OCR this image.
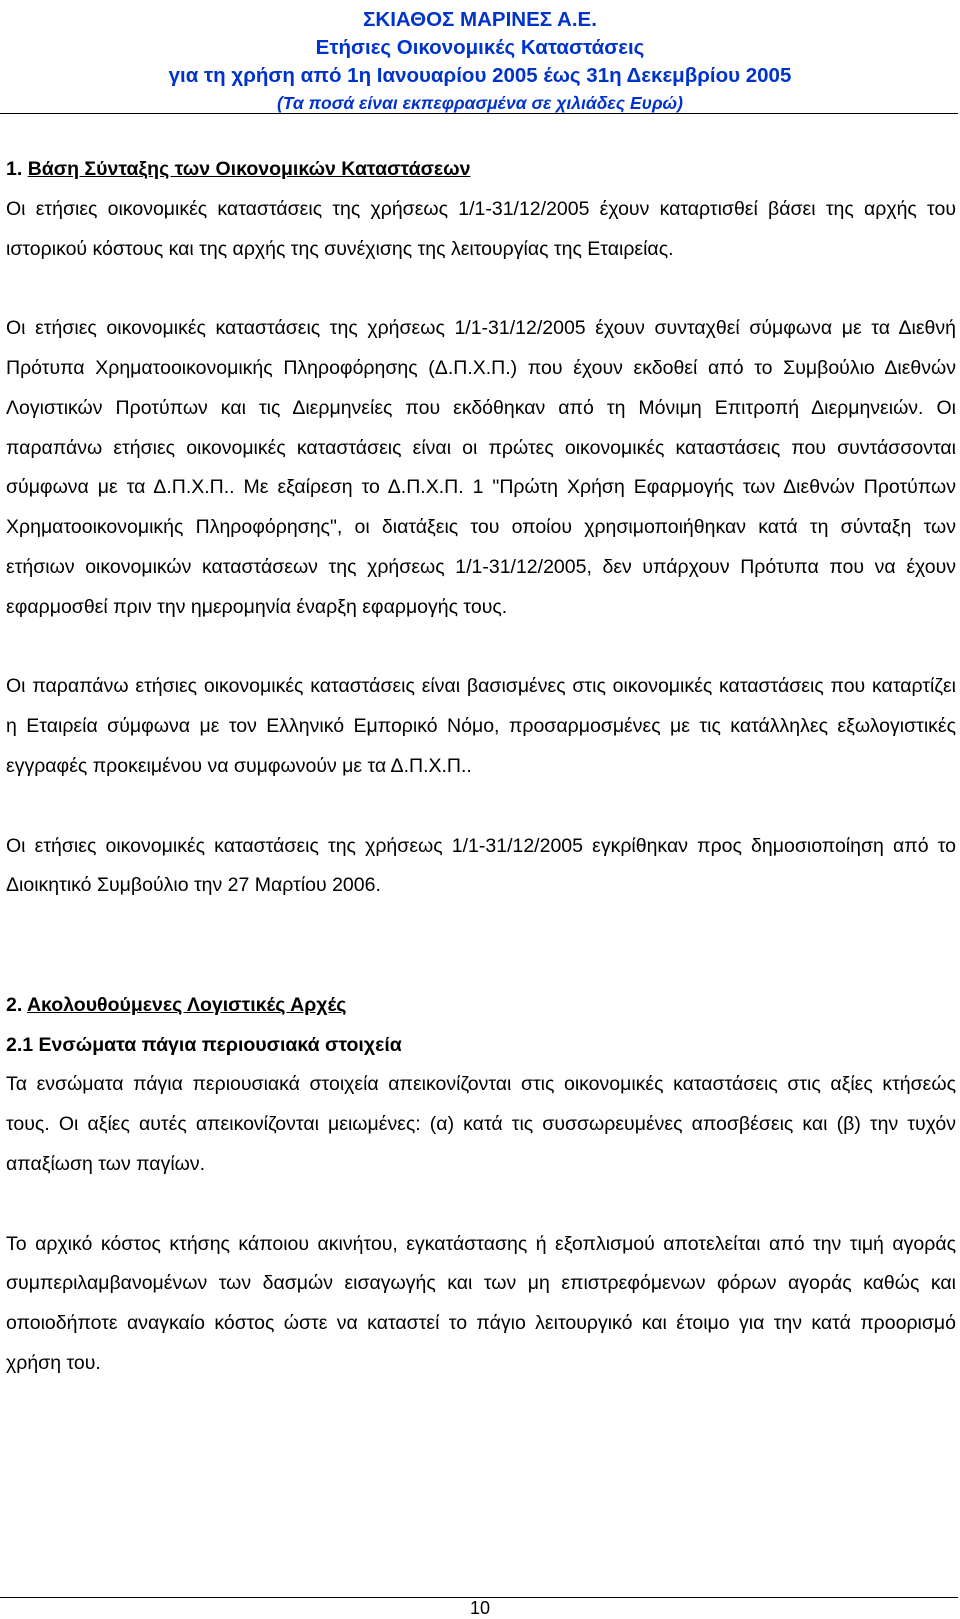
ΣΚΙΑΘΟΣ ΜΑΡΙΝΕΣ Α.Ε.
Ετήσιες Οικονομικές Καταστάσεις
για τη χρήση από 1η Ιανουαρίου 2005 έως 31η Δεκεμβρίου 2005
(Τα ποσά είναι εκπεφρασμένα σε χιλιάδες Ευρώ)

1. Βάση Σύνταξης των Οικονομικών Καταστάσεων

Οι ετήσιες οικονομικές καταστάσεις της χρήσεως 1/1-31/12/2005 έχουν καταρτισθεί βάσει της αρχής του ιστορικού κόστους και της αρχής της συνέχισης της λειτουργίας της Εταιρείας.

Οι ετήσιες οικονομικές καταστάσεις της χρήσεως 1/1-31/12/2005 έχουν συνταχθεί σύμφωνα με τα Διεθνή Πρότυπα Χρηματοοικονομικής Πληροφόρησης (Δ.Π.Χ.Π.) που έχουν εκδοθεί από το Συμβούλιο Διεθνών Λογιστικών Προτύπων και τις Διερμηνείες που εκδόθηκαν από τη Μόνιμη Επιτροπή Διερμηνειών. Οι παραπάνω ετήσιες οικονομικές καταστάσεις είναι οι πρώτες οικονομικές καταστάσεις που συντάσσονται σύμφωνα με τα Δ.Π.Χ.Π.. Με εξαίρεση το Δ.Π.Χ.Π. 1 "Πρώτη Χρήση Εφαρμογής των Διεθνών Προτύπων Χρηματοοικονομικής Πληροφόρησης", οι διατάξεις του οποίου χρησιμοποιήθηκαν κατά τη σύνταξη των ετήσιων οικονομικών καταστάσεων της χρήσεως 1/1-31/12/2005, δεν υπάρχουν Πρότυπα που να έχουν εφαρμοσθεί πριν την ημερομηνία έναρξη εφαρμογής τους.

Οι παραπάνω ετήσιες οικονομικές καταστάσεις είναι βασισμένες στις οικονομικές καταστάσεις που καταρτίζει η Εταιρεία σύμφωνα με τον Ελληνικό Εμπορικό Νόμο, προσαρμοσμένες με τις κατάλληλες εξωλογιστικές εγγραφές προκειμένου να συμφωνούν με τα Δ.Π.Χ.Π..

Οι ετήσιες οικονομικές καταστάσεις της χρήσεως 1/1-31/12/2005 εγκρίθηκαν προς δημοσιοποίηση από το Διοικητικό Συμβούλιο την 27 Μαρτίου 2006.

2. Ακολουθούμενες Λογιστικές Αρχές

2.1 Ενσώματα πάγια περιουσιακά στοιχεία

Τα ενσώματα πάγια περιουσιακά στοιχεία απεικονίζονται στις οικονομικές καταστάσεις στις αξίες κτήσεώς τους. Οι αξίες αυτές απεικονίζονται μειωμένες: (α) κατά τις συσσωρευμένες αποσβέσεις και (β) την τυχόν απαξίωση των παγίων.

Το αρχικό κόστος κτήσης κάποιου ακινήτου, εγκατάστασης ή εξοπλισμού αποτελείται από την τιμή αγοράς συμπεριλαμβανομένων των δασμών εισαγωγής και των μη επιστρεφόμενων φόρων αγοράς καθώς και οποιοδήποτε αναγκαίο κόστος ώστε να καταστεί το πάγιο λειτουργικό και έτοιμο για την κατά προορισμό χρήση του.

10
